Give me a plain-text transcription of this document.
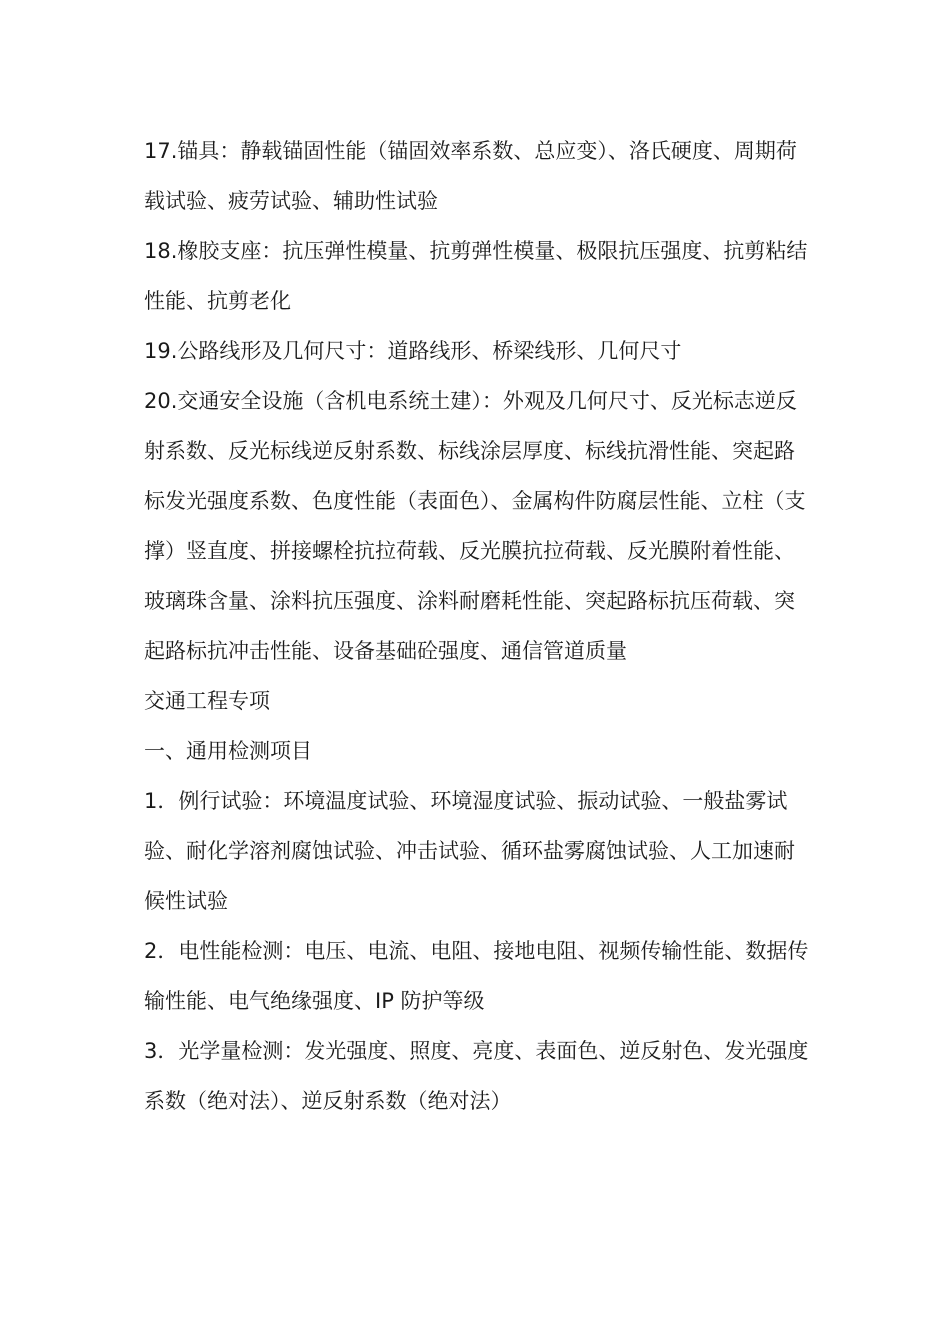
17.锚具：静载锚固性能（锚固效率系数、总应变）、洛氏硬度、周期荷载试验、疲劳试验、辅助性试验

18.橡胶支座：抗压弹性模量、抗剪弹性模量、极限抗压强度、抗剪粘结性能、抗剪老化

19.公路线形及几何尺寸：道路线形、桥梁线形、几何尺寸

20.交通安全设施（含机电系统土建）：外观及几何尺寸、反光标志逆反射系数、反光标线逆反射系数、标线涂层厚度、标线抗滑性能、突起路标发光强度系数、色度性能（表面色）、金属构件防腐层性能、立柱（支撑）竖直度、拼接螺栓抗拉荷载、反光膜抗拉荷载、反光膜附着性能、玻璃珠含量、涂料抗压强度、涂料耐磨耗性能、突起路标抗压荷载、突起路标抗冲击性能、设备基础砼强度、通信管道质量

交通工程专项

一、通用检测项目

1．例行试验：环境温度试验、环境湿度试验、振动试验、一般盐雾试验、耐化学溶剂腐蚀试验、冲击试验、循环盐雾腐蚀试验、人工加速耐候性试验

2．电性能检测：电压、电流、电阻、接地电阻、视频传输性能、数据传输性能、电气绝缘强度、IP 防护等级

3．光学量检测：发光强度、照度、亮度、表面色、逆反射色、发光强度系数（绝对法）、逆反射系数（绝对法）
